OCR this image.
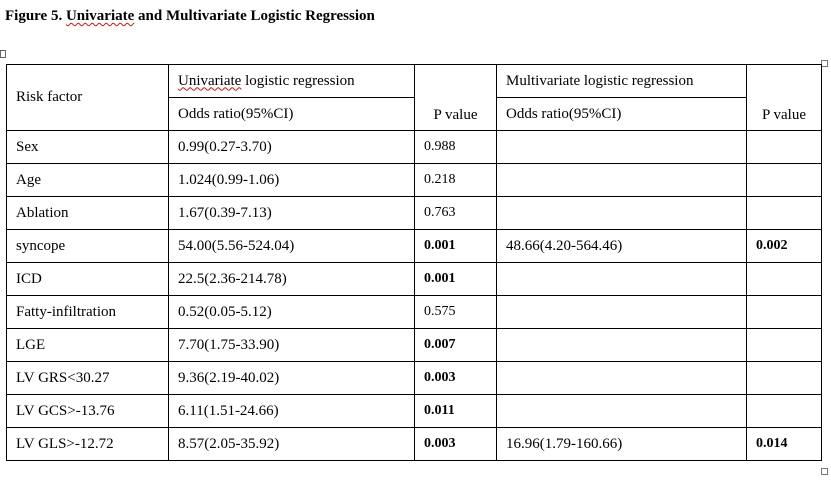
Figure 5. Univariate and Multivariate Logistic Regression
Risk factor	Univariate logistic regression	P value	Multivariate logistic regression	P value
	Odds ratio(95%CI)		Odds ratio(95%CI)	
Sex	0.99(0.27-3.70)	0.988		
Age	1.024(0.99-1.06)	0.218		
Ablation	1.67(0.39-7.13)	0.763		
syncope	54.00(5.56-524.04)	0.001	48.66(4.20-564.46)	0.002
ICD	22.5(2.36-214.78)	0.001		
Fatty-infiltration	0.52(0.05-5.12)	0.575		
LGE	7.70(1.75-33.90)	0.007		
LV GRS<30.27	9.36(2.19-40.02)	0.003		
LV GCS>-13.76	6.11(1.51-24.66)	0.011		
LV GLS>-12.72	8.57(2.05-35.92)	0.003	16.96(1.79-160.66)	0.014
